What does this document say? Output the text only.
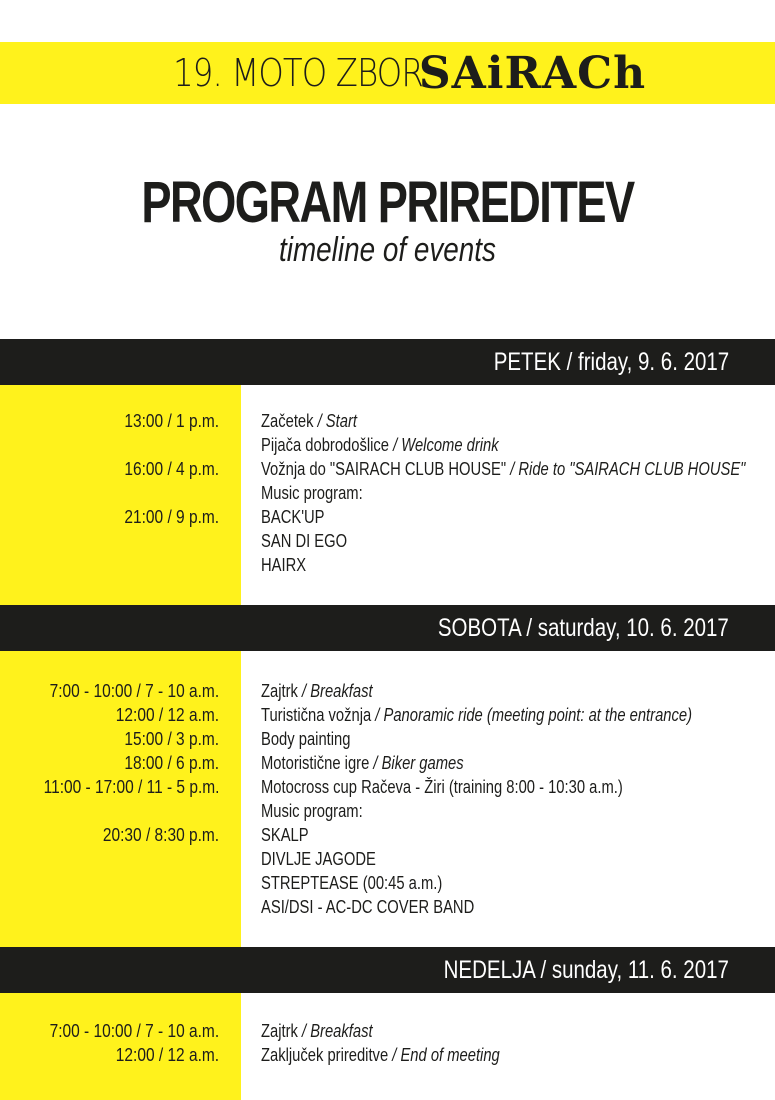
19. MOTO ZBOR
SAiRACh
PROGRAM PRIREDITEV
timeline of events
PETEK / friday, 9. 6. 2017
13:00 / 1 p.m. Začetek / Start
Pijača dobrodošlice / Welcome drink
16:00 / 4 p.m. Vožnja do "SAIRACH CLUB HOUSE" / Ride to "SAIRACH CLUB HOUSE"
Music program:
21:00 / 9 p.m. BACK'UP
SAN DI EGO
HAIRX
SOBOTA / saturday, 10. 6. 2017
7:00 - 10:00 / 7 - 10 a.m. Zajtrk / Breakfast
12:00 / 12 a.m. Turistična vožnja / Panoramic ride (meeting point: at the entrance)
15:00 / 3 p.m. Body painting
18:00 / 6 p.m. Motoristične igre / Biker games
11:00 - 17:00 / 11 - 5 p.m. Motocross cup Račeva - Žiri (training 8:00 - 10:30 a.m.)
Music program:
20:30 / 8:30 p.m. SKALP
DIVLJE JAGODE
STREPTEASE (00:45 a.m.)
ASI/DSI - AC-DC COVER BAND
NEDELJA / sunday, 11. 6. 2017
7:00 - 10:00 / 7 - 10 a.m. Zajtrk / Breakfast
12:00 / 12 a.m. Zaključek prireditve / End of meeting
